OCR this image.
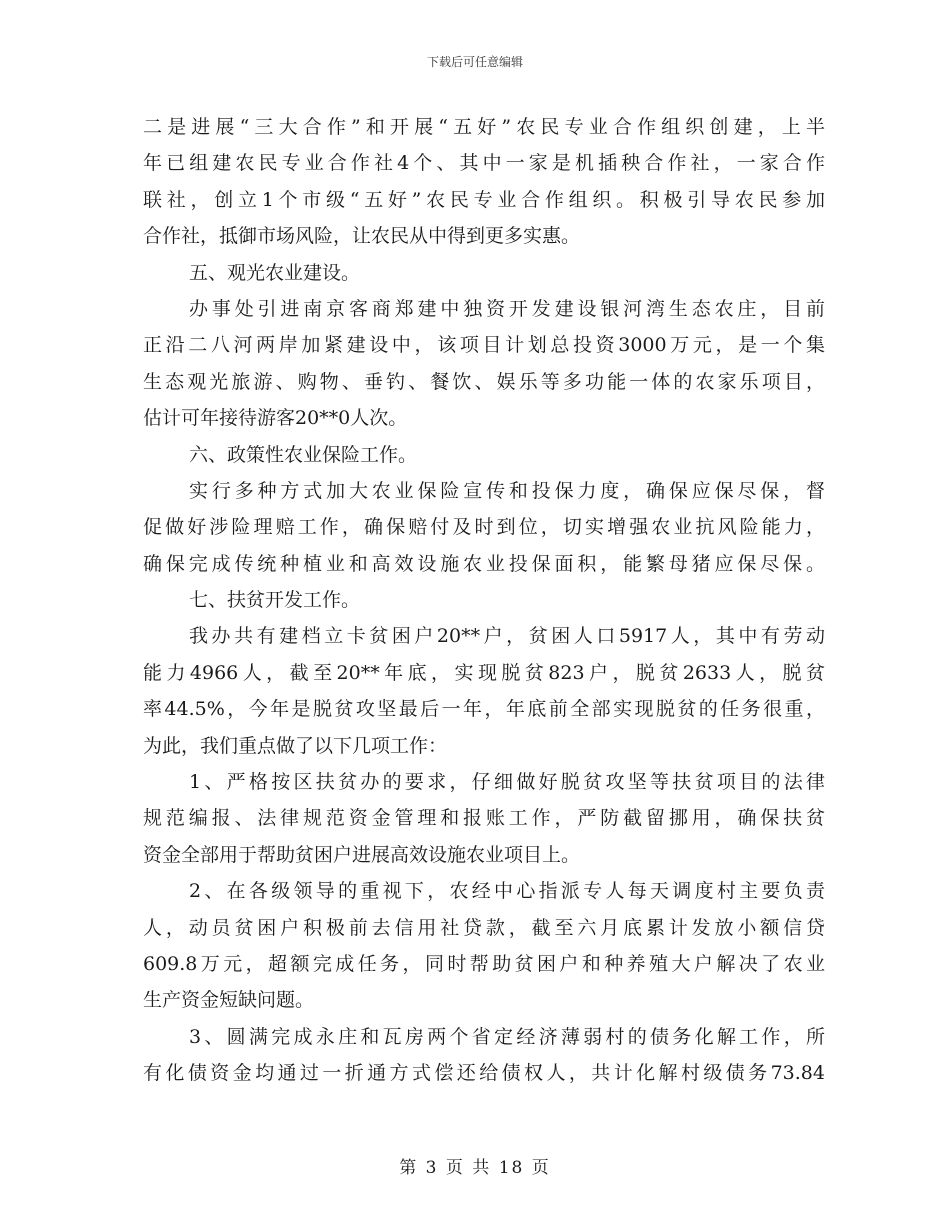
下载后可任意编辑
二是进展“三大合作”和开展“五好”农民专业合作组织创建，上半
年已组建农民专业合作社4个、其中一家是机插秧合作社，一家合作
联社，创立1个市级“五好”农民专业合作组织。积极引导农民参加
合作社，抵御市场风险，让农民从中得到更多实惠。
五、观光农业建设。
办事处引进南京客商郑建中独资开发建设银河湾生态农庄，目前
正沿二八河两岸加紧建设中，该项目计划总投资3000万元，是一个集
生态观光旅游、购物、垂钓、餐饮、娱乐等多功能一体的农家乐项目，
估计可年接待游客20**0人次。
六、政策性农业保险工作。
实行多种方式加大农业保险宣传和投保力度，确保应保尽保，督
促做好涉险理赔工作，确保赔付及时到位，切实增强农业抗风险能力，
确保完成传统种植业和高效设施农业投保面积，能繁母猪应保尽保。
七、扶贫开发工作。
我办共有建档立卡贫困户20**户，贫困人口5917人，其中有劳动
能力4966人，截至20**年底，实现脱贫823户，脱贫2633人，脱贫
率44.5%，今年是脱贫攻坚最后一年，年底前全部实现脱贫的任务很重，
为此，我们重点做了以下几项工作：
1、严格按区扶贫办的要求，仔细做好脱贫攻坚等扶贫项目的法律
规范编报、法律规范资金管理和报账工作，严防截留挪用，确保扶贫
资金全部用于帮助贫困户进展高效设施农业项目上。
2、在各级领导的重视下，农经中心指派专人每天调度村主要负责
人，动员贫困户积极前去信用社贷款，截至六月底累计发放小额信贷
609.8万元，超额完成任务，同时帮助贫困户和种养殖大户解决了农业
生产资金短缺问题。
3、圆满完成永庄和瓦房两个省定经济薄弱村的债务化解工作，所
有化债资金均通过一折通方式偿还给债权人，共计化解村级债务73.84
第 3 页 共 18 页
